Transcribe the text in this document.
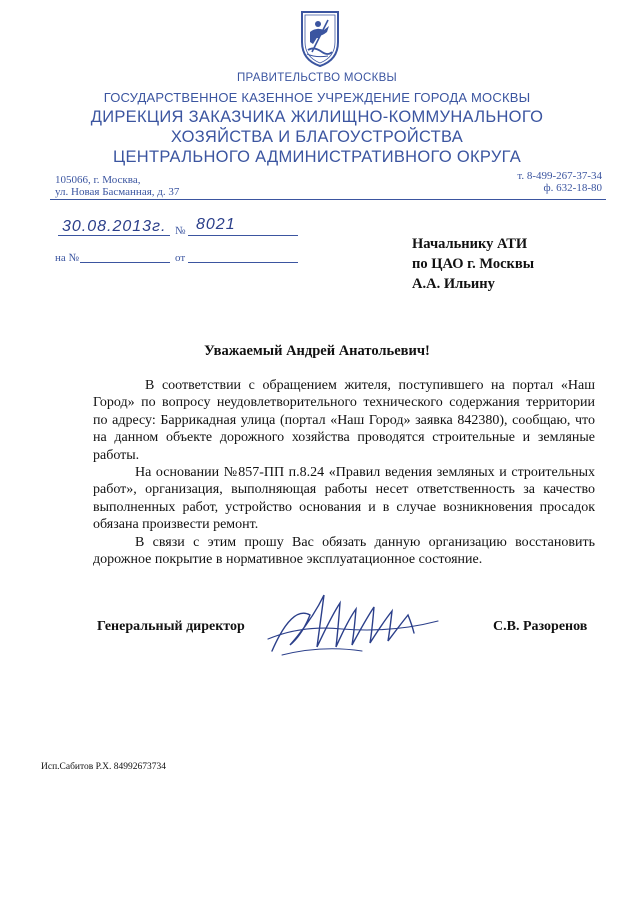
ПРАВИТЕЛЬСТВО МОСКВЫ
ГОСУДАРСТВЕННОЕ КАЗЕННОЕ УЧРЕЖДЕНИЕ ГОРОДА МОСКВЫ
ДИРЕКЦИЯ ЗАКАЗЧИКА ЖИЛИЩНО-КОММУНАЛЬНОГО
ХОЗЯЙСТВА И БЛАГОУСТРОЙСТВА
ЦЕНТРАЛЬНОГО АДМИНИСТРАТИВНОГО ОКРУГА
105066, г. Москва,
ул. Новая Басманная, д. 37
т. 8-499-267-37-34
ф. 632-18-80
30.08.2013г. № 8021
на №	от
Начальнику АТИ
по ЦАО г. Москвы
А.А. Ильину
Уважаемый Андрей Анатольевич!

В соответствии с обращением жителя, поступившего на портал «Наш Город» по вопросу неудовлетворительного технического содержания территории по адресу: Баррикадная улица (портал «Наш Город» заявка 842380), сообщаю, что на данном объекте дорожного хозяйства проводятся строительные и земляные работы.

На основании №857-ПП п.8.24 «Правил ведения земляных и строительных работ», организация, выполняющая работы несет ответственность за качество выполненных работ, устройство основания и в случае возникновения просадок обязана произвести ремонт.

В связи с этим прошу Вас обязать данную организацию восстановить дорожное покрытие в нормативное эксплуатационное состояние.

Генеральный директор	С.В. Разоренов
Исп.Сабитов Р.Х. 84992673734
